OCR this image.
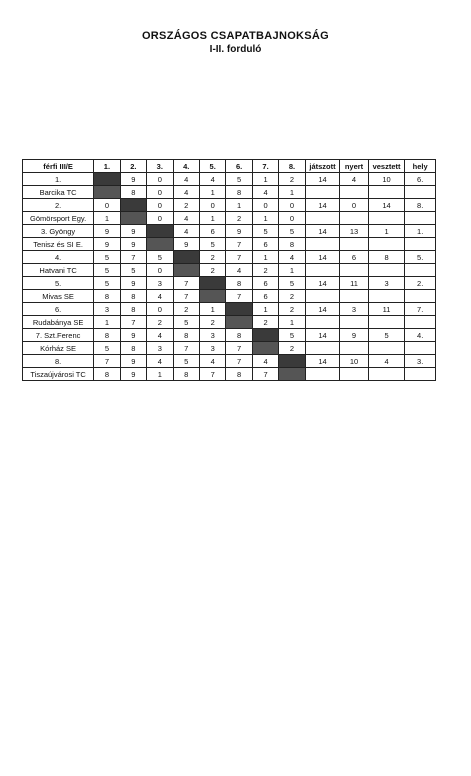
ORSZÁGOS CSAPATBAJNOKSÁG
I-II. forduló
férfi III/E	1.	2.	3.	4.	5.	6.	7.	8.	játszott	nyert	vesztett	hely
1.		9	0	4	4	5	1	2	14	4	10	6.
Barcika TC		8	0	4	1	8	4	1				
2.	0		0	2	0	1	0	0	14	0	14	8.
Gömörsport Egy.	1		0	4	1	2	1	0				
3. Gyöngy	9	9		4	6	9	5	5	14	13	1	1.
Tenisz és SI E.	9	9		9	5	7	6	8				
4.	5	7	5		2	7	1	4	14	6	8	5.
Hatvani TC	5	5	0		2	4	2	1				
5.	5	9	3	7		8	6	5	14	11	3	2.
Mivas SE	8	8	4	7		7	6	2				
6.	3	8	0	2	1		1	2	14	3	11	7.
Rudabánya SE	1	7	2	5	2		2	1				
7. Szt.Ferenc	8	9	4	8	3	8		5	14	9	5	4.
Kórház SE	5	8	3	7	3	7		2				
8.	7	9	4	5	4	7	4		14	10	4	3.
Tiszaújvárosi TC	8	9	1	8	7	8	7					
